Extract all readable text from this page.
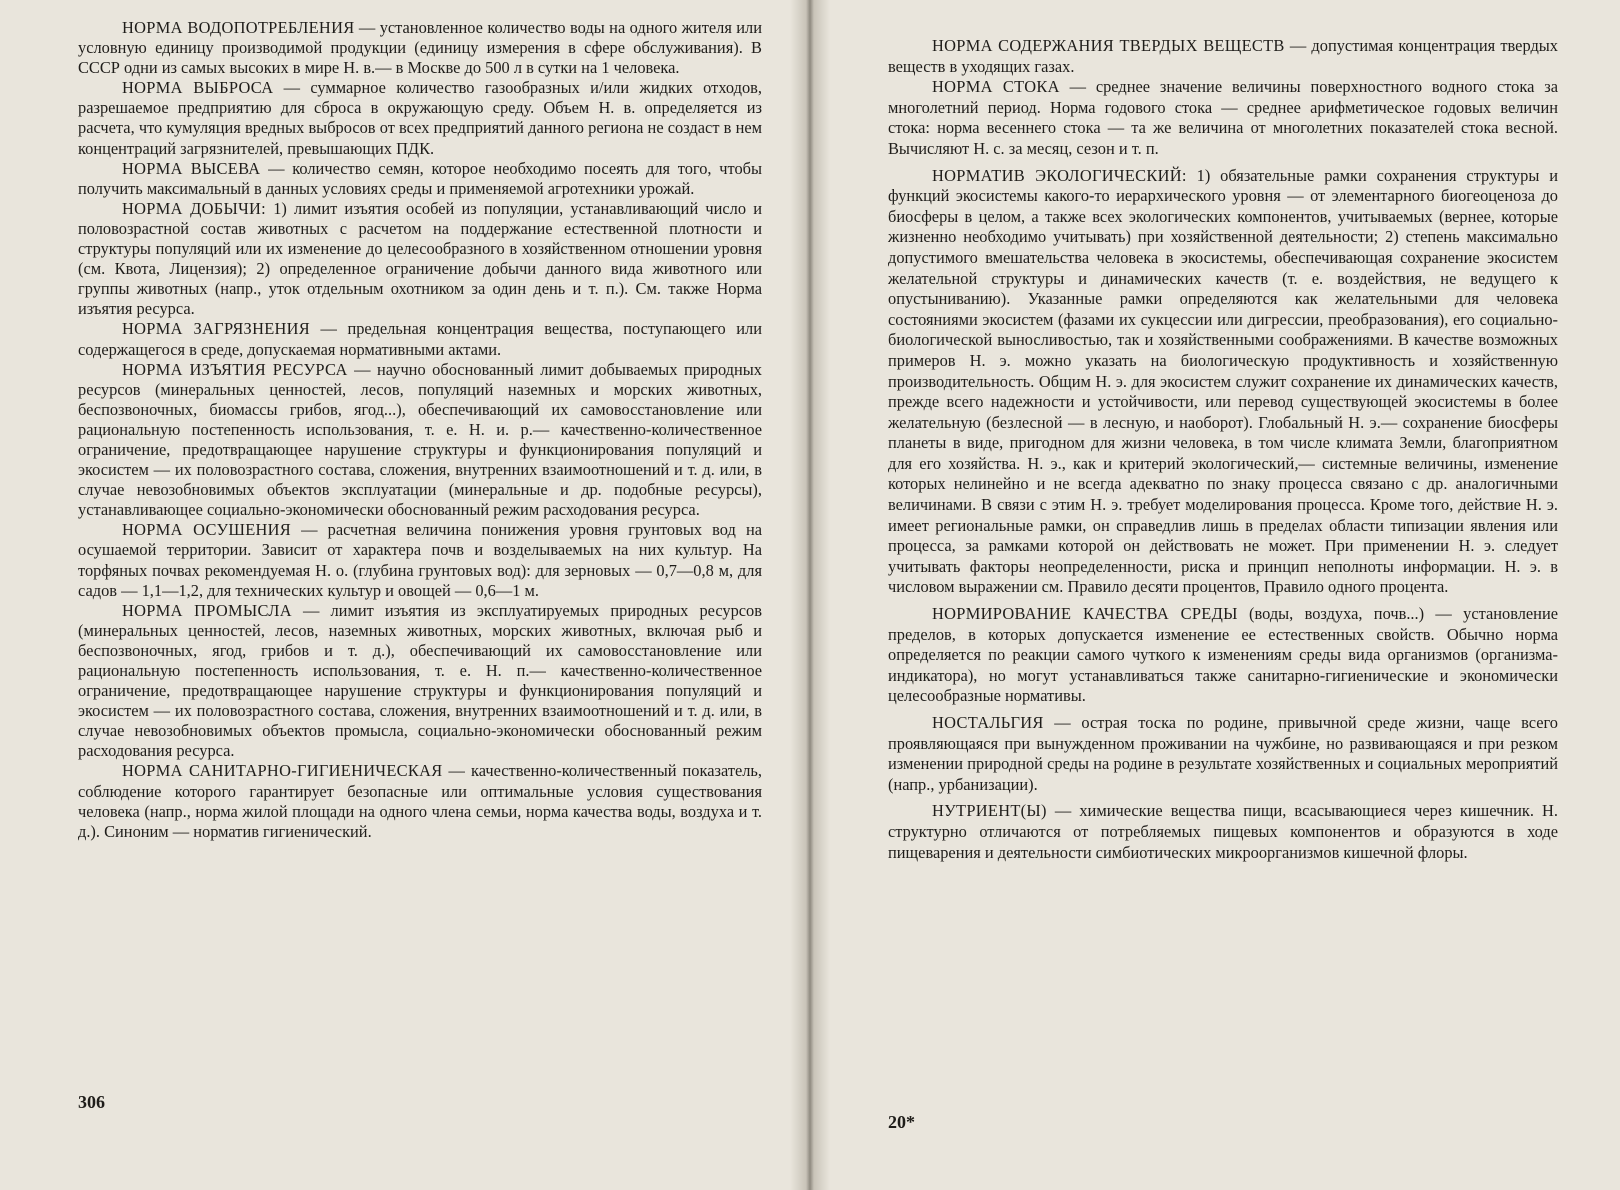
НОРМА ВОДОПОТРЕБЛЕНИЯ — установленное количество воды на одного жителя или условную единицу производимой продукции (единицу измерения в сфере обслуживания). В СССР одни из самых высоких в мире Н. в.— в Москве до 500 л в сутки на 1 человека.

НОРМА ВЫБРОСА — суммарное количество газообразных и/или жидких отходов, разрешаемое предприятию для сброса в окружающую среду. Объем Н. в. определяется из расчета, что кумуляция вредных выбросов от всех предприятий данного региона не создаст в нем концентраций загрязнителей, превышающих ПДК.

НОРМА ВЫСЕВА — количество семян, которое необходимо посеять для того, чтобы получить максимальный в данных условиях среды и применяемой агротехники урожай.

НОРМА ДОБЫЧИ: 1) лимит изъятия особей из популяции, устанавливающий число и половозрастной состав животных с расчетом на поддержание естественной плотности и структуры популяций или их изменение до целесообразного в хозяйственном отношении уровня (см. Квота, Лицензия); 2) определенное ограничение добычи данного вида животного или группы животных (напр., уток отдельным охотником за один день и т. п.). См. также Норма изъятия ресурса.

НОРМА ЗАГРЯЗНЕНИЯ — предельная концентрация вещества, поступающего или содержащегося в среде, допускаемая нормативными актами.

НОРМА ИЗЪЯТИЯ РЕСУРСА — научно обоснованный лимит добываемых природных ресурсов (минеральных ценностей, лесов, популяций наземных и морских животных, беспозвоночных, биомассы грибов, ягод...), обеспечивающий их самовосстановление или рациональную постепенность использования, т. е. Н. и. р.— качественно-количественное ограничение, предотвращающее нарушение структуры и функционирования популяций и экосистем — их половозрастного состава, сложения, внутренних взаимоотношений и т. д. или, в случае невозобновимых объектов эксплуатации (минеральные и др. подобные ресурсы), устанавливающее социально-экономически обоснованный режим расходования ресурса.

НОРМА ОСУШЕНИЯ — расчетная величина понижения уровня грунтовых вод на осушаемой территории. Зависит от характера почв и возделываемых на них культур. На торфяных почвах рекомендуемая Н. о. (глубина грунтовых вод): для зерновых — 0,7—0,8 м, для садов — 1,1—1,2, для технических культур и овощей — 0,6—1 м.

НОРМА ПРОМЫСЛА — лимит изъятия из эксплуатируемых природных ресурсов (минеральных ценностей, лесов, наземных животных, морских животных, включая рыб и беспозвоночных, ягод, грибов и т. д.), обеспечивающий их самовосстановление или рациональную постепенность использования, т. е. Н. п.— качественно-количественное ограничение, предотвращающее нарушение структуры и функционирования популяций и экосистем — их половозрастного состава, сложения, внутренних взаимоотношений и т. д. или, в случае невозобновимых объектов промысла, социально-экономически обоснованный режим расходования ресурса.

НОРМА САНИТАРНО-ГИГИЕНИЧЕСКАЯ — качественно-количественный показатель, соблюдение которого гарантирует безопасные или оптимальные условия существования человека (напр., норма жилой площади на одного члена семьи, норма качества воды, воздуха и т. д.). Синоним — норматив гигиенический.

306

НОРМА СОДЕРЖАНИЯ ТВЕРДЫХ ВЕЩЕСТВ — допустимая концентрация твердых веществ в уходящих газах.

НОРМА СТОКА — среднее значение величины поверхностного водного стока за многолетний период. Норма годового стока — среднее арифметическое годовых величин стока: норма весеннего стока — та же величина от многолетних показателей стока весной. Вычисляют Н. с. за месяц, сезон и т. п.

НОРМАТИВ ЭКОЛОГИЧЕСКИЙ: 1) обязательные рамки сохранения структуры и функций экосистемы какого-то иерархического уровня — от элементарного биогеоценоза до биосферы в целом, а также всех экологических компонентов, учитываемых (вернее, которые жизненно необходимо учитывать) при хозяйственной деятельности; 2) степень максимально допустимого вмешательства человека в экосистемы, обеспечивающая сохранение экосистем желательной структуры и динамических качеств (т. е. воздействия, не ведущего к опустыниванию). Указанные рамки определяются как желательными для человека состояниями экосистем (фазами их сукцессии или дигрессии, преобразования), его социально-биологической выносливостью, так и хозяйственными соображениями. В качестве возможных примеров Н. э. можно указать на биологическую продуктивность и хозяйственную производительность. Общим Н. э. для экосистем служит сохранение их динамических качеств, прежде всего надежности и устойчивости, или перевод существующей экосистемы в более желательную (безлесной — в лесную, и наоборот). Глобальный Н. э.— сохранение биосферы планеты в виде, пригодном для жизни человека, в том числе климата Земли, благоприятном для его хозяйства. Н. э., как и критерий экологический,— системные величины, изменение которых нелинейно и не всегда адекватно по знаку процесса связано с др. аналогичными величинами. В связи с этим Н. э. требует моделирования процесса. Кроме того, действие Н. э. имеет региональные рамки, он справедлив лишь в пределах области типизации явления или процесса, за рамками которой он действовать не может. При применении Н. э. следует учитывать факторы неопределенности, риска и принцип неполноты информации. Н. э. в числовом выражении см. Правило десяти процентов, Правило одного процента.

НОРМИРОВАНИЕ КАЧЕСТВА СРЕДЫ (воды, воздуха, почв...) — установление пределов, в которых допускается изменение ее естественных свойств. Обычно норма определяется по реакции самого чуткого к изменениям среды вида организмов (организма-индикатора), но могут устанавливаться также санитарно-гигиенические и экономически целесообразные нормативы.

НОСТАЛЬГИЯ — острая тоска по родине, привычной среде жизни, чаще всего проявляющаяся при вынужденном проживании на чужбине, но развивающаяся и при резком изменении природной среды на родине в результате хозяйственных и социальных мероприятий (напр., урбанизации).

НУТРИЕНТ(Ы) — химические вещества пищи, всасывающиеся через кишечник. Н. структурно отличаются от потребляемых пищевых компонентов и образуются в ходе пищеварения и деятельности симбиотических микроорганизмов кишечной флоры.

20*
